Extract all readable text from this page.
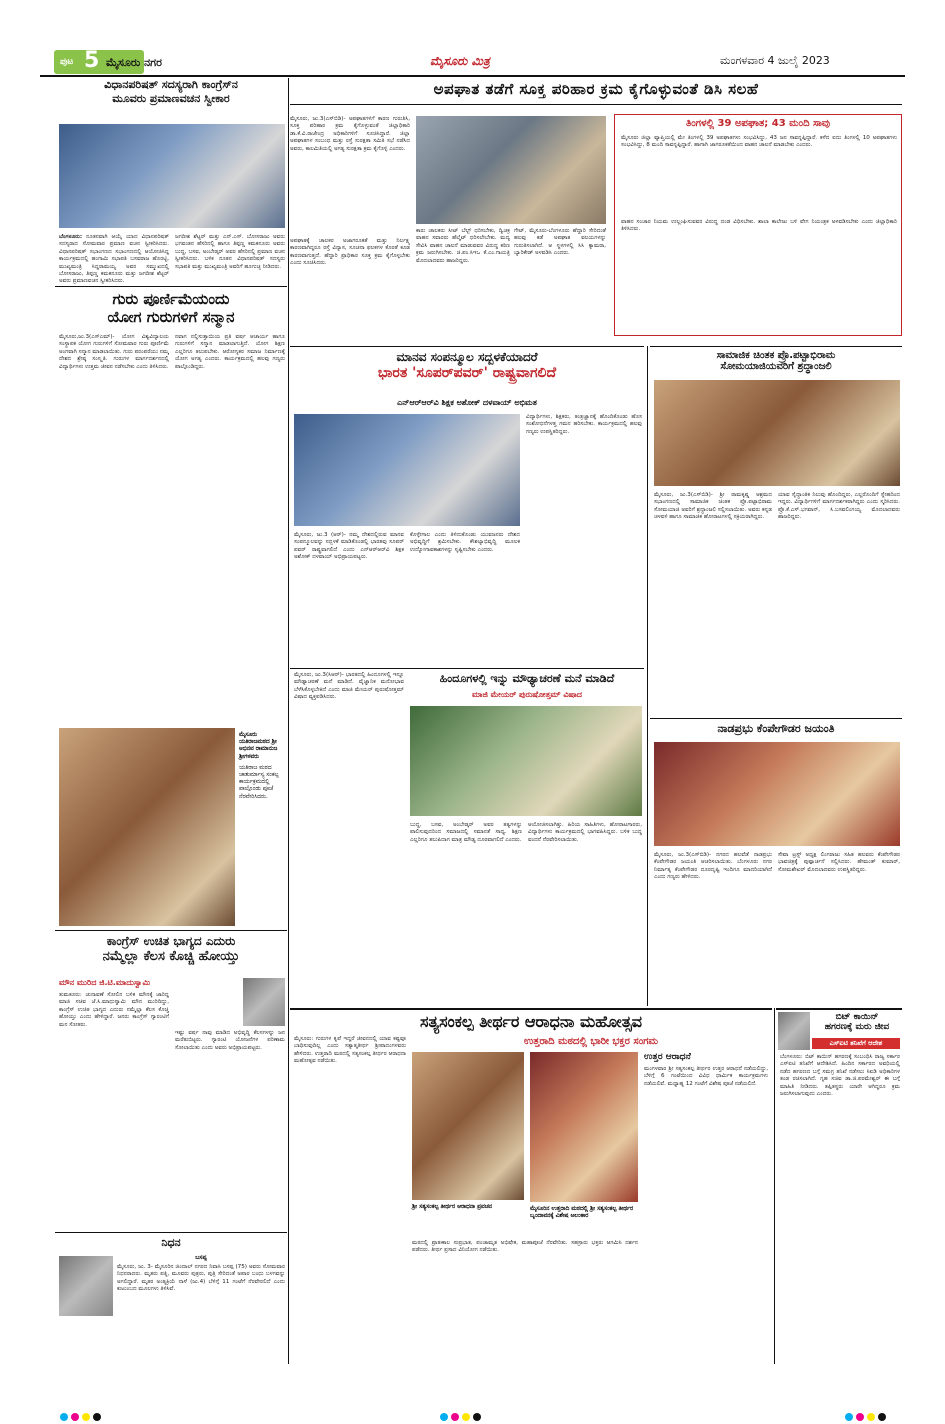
ಪುಟ 5 ಮೈಸೂರು ನಗರ	ಮೈಸೂರು ಮಿತ್ರ	ಮಂಗಳವಾರ 4 ಜುಲೈ 2023
ವಿಧಾನಪರಿಷತ್ ಸದಸ್ಯರಾಗಿ ಕಾಂಗ್ರೆಸ್‌ನ
ಮೂವರು ಪ್ರಮಾಣವಚನ ಸ್ವೀಕಾರ
ಬೆಂಗಳೂರು: ನೂತನವಾಗಿ ಆಯ್ಕೆ ಯಾದ ವಿಧಾನಪರಿಷತ್ ಸದಸ್ಯರಾದ ಸೋಮವಾರ ಪ್ರಮಾಣ ವಚನ ಸ್ವೀಕರಿಸಿದರು. ವಿಧಾನಪರಿಷತ್ ಸಭಾಂಗಣದ ಸಭಾಂಗಣದಲ್ಲಿ ಆಯೋಜಿಸಿದ್ದ ಕಾರ್ಯಕ್ರಮದಲ್ಲಿ ಹಂಗಾಮಿ ಸಭಾಪತಿ ಬಸವರಾಜ ಹೊರಟ್ಟಿ, ಮುಖ್ಯಮಂತ್ರಿ ಸಿದ್ದರಾಮಯ್ಯ ಅವರ ಸಮ್ಮುಖದಲ್ಲಿ ಬೋಸರಾಜು, ತಿಪ್ಪಣ್ಣ ಕಮಕನೂರು ಮತ್ತು ಜಗದೀಶ ಶೆಟ್ಟರ್ ಅವರು ಪ್ರಮಾಣವಚನ ಸ್ವೀಕರಿಸಿದರು.
ಜಗದೀಶ ಶೆಟ್ಟರ್ ಮತ್ತು ಎನ್.ಎಸ್. ಬೋಸರಾಜು ಅವರು ಭಗವಂತನ ಹೆಸರಿನಲ್ಲಿ ಹಾಗೂ ತಿಪ್ಪಣ್ಣ ಕಮಕನೂರು ಅವರು ಬುದ್ಧ, ಬಸವ, ಅಂಬೇಡ್ಕರ್ ಅವರ ಹೆಸರಿನಲ್ಲಿ ಪ್ರಮಾಣ ವಚನ ಸ್ವೀಕರಿಸಿದರು. ಬಳಿಕ ನೂತನ ವಿಧಾನಪರಿಷತ್ ಸದಸ್ಯರು ಸಭಾಪತಿ ಮತ್ತು ಮುಖ್ಯಮಂತ್ರಿ ಅವರಿಗೆ ಹೂಗುಚ್ಛ ನೀಡಿದರು.
ಅಪಘಾತ ತಡೆಗೆ ಸೂಕ್ತ ಪರಿಹಾರ ಕ್ರಮ ಕೈಗೊಳ್ಳುವಂತೆ ಡಿಸಿ ಸಲಹೆ
ಮೈಸೂರು, ಜು.3(ಎಸ್‌ಬಿಡಿ)- ಅಪಘಾತಗಳಿಗೆ ಕಾರಣ ಗುರುತಿಸಿ, ಸೂಕ್ತ ಪರಿಹಾರ ಕ್ರಮ ಕೈಗೊಳ್ಳುವಂತೆ ಜಿಲ್ಲಾಧಿಕಾರಿ ಡಾ.ಕೆ.ವಿ.ರಾಜೇಂದ್ರ ಅಧಿಕಾರಿಗಳಿಗೆ ಸೂಚಿಸಿದ್ದಾರೆ. ಜಿಲ್ಲಾ ಅಪಘಾತಗಳ ಸಂಬಂಧ ಮತ್ತು ರಸ್ತೆ ಸುರಕ್ಷತಾ ಸಮಿತಿ ಸಭೆ ನಡೆಸಿದ ಅವರು, ಕಾಲಮಿತಿಯಲ್ಲಿ ಅಗತ್ಯ ಸುರಕ್ಷತಾ ಕ್ರಮ ಕೈಗೊಳ್ಳಿ ಎಂದರು.
ಅಪಘಾತಕ್ಕೆ ಚಾಲಕರ ಅಜಾಗರೂಕತೆ ಮತ್ತು ನಿರ್ಲಕ್ಷ್ಯ ಕಾರಣವಾಗಿದ್ದರೂ ರಸ್ತೆ ವಿನ್ಯಾಸ, ಸೂಚನಾ ಫಲಕಗಳ ಕೊರತೆ ಕೂಡ ಕಾರಣವಾಗುತ್ತದೆ. ಹೆದ್ದಾರಿ ಪ್ರಾಧಿಕಾರ ಸೂಕ್ತ ಕ್ರಮ ಕೈಗೊಳ್ಳಬೇಕು ಎಂದು ಸೂಚಿಸಿದರು.
ಕಾರು ಚಾಲಕರು ಸೀಟ್ ಬೆಲ್ಟ್ ಧರಿಸಬೇಕು, ದ್ವಿಚಕ್ರ ವಾಹನ ಸವಾರರು ಹೆಲ್ಮೆಟ್ ಧರಿಸಲೇಬೇಕು. ಮದ್ಯ ಸೇವಿಸಿ ವಾಹನ ಚಾಲನೆ ಮಾಡುವವರ ವಿರುದ್ಧ ಕಠಿಣ ಕ್ರಮ ಜರುಗಿಸಬೇಕು. ಜಿ.ಪಂ.ಸಿಇಒ ಕೆ.ಎಂ.ಗಾಯತ್ರಿ ಮೊದಲಾದವರು ಹಾಜರಿದ್ದರು.
ಗೇಟ್, ಮೈಸೂರು-ಬೆಂಗಳೂರು ಹೆದ್ದಾರಿ ಸೇರಿದಂತೆ ಹಲವು ಕಡೆ ಅಪಘಾತ ವಲಯಗಳನ್ನು ಗುರುತಿಸಲಾಗಿದೆ. ಆ ಸ್ಥಳಗಳಲ್ಲಿ ಸಿಸಿ ಕ್ಯಾಮರಾ, ಬ್ಯಾರಿಕೇಡ್ ಅಳವಡಿಸಿ ಎಂದರು.
ತಿಂಗಳಲ್ಲಿ 39 ಅಪಘಾತ; 43 ಮಂದಿ ಸಾವು
ಮೈಸೂರು ಜಿಲ್ಲಾ ವ್ಯಾಪ್ತಿಯಲ್ಲಿ ಮೇ ತಿಂಗಳಲ್ಲಿ 39 ಅಪಘಾತಗಳು ಸಂಭವಿಸಿದ್ದು, 43 ಜನ ಸಾವನ್ನಪ್ಪಿದ್ದಾರೆ. ಕಳೆದ ಐದು ತಿಂಗಳಲ್ಲಿ 10 ಅಪಘಾತಗಳು ಸಂಭವಿಸಿದ್ದು, 8 ಮಂದಿ ಸಾವನ್ನಪ್ಪಿದ್ದಾರೆ. ಹಾಗಾಗಿ ಜಾಗರೂಕತೆಯಿಂದ ವಾಹನ ಚಾಲನೆ ಮಾಡಬೇಕು ಎಂದರು.
ವಾಹನ ಸಂಚಾರ ನಿಯಮ ಉಲ್ಲಂಘಿಸುವವರ ವಿರುದ್ಧ ದಂಡ ವಿಧಿಸಬೇಕು. ಶಾಲಾ ಕಾಲೇಜು ಬಳಿ ವೇಗ ನಿಯಂತ್ರಕ ಅಳವಡಿಸಬೇಕು ಎಂದು ಜಿಲ್ಲಾಧಿಕಾರಿ ತಿಳಿಸಿದರು.
ಗುರು ಪೂರ್ಣಿಮೆಯಂದು
ಯೋಗ ಗುರುಗಳಿಗೆ ಸನ್ಮಾನ
ಮೈಸೂರು,ಜು.3(ಎಸ್‌ಎಮ್‌)- ಯೋಗ ವಿಶ್ವವಿದ್ಯಾಲಯ ಸಂಸ್ಥಾಪಕ ಯೋಗ ಗುರುಗಳಿಗೆ ಸೋಮವಾರ ಗುರು ಪೂರ್ಣಿಮೆ ಅಂಗವಾಗಿ ಸನ್ಮಾನ ಮಾಡಲಾಯಿತು. ಗುರು ಪರಂಪರೆಯು ನಮ್ಮ ದೇಶದ ಶ್ರೇಷ್ಠ ಸಂಸ್ಕೃತಿ. ಗುರುಗಳ ಮಾರ್ಗದರ್ಶನದಲ್ಲಿ ವಿದ್ಯಾರ್ಥಿಗಳು ಉತ್ತಮ ಜೀವನ ನಡೆಸಬೇಕು ಎಂದು ತಿಳಿಸಿದರು.
ನವಾಗ ನಲ್ಲಿಸುತ್ತಾಯಿಯ ಪ್ರತಿ ವರ್ಷ ಆಚಾರ್ಯ ಹಾಗೂ ಗುರುಗಳಿಗೆ ಸನ್ಮಾನ ಮಾಡಲಾಗುತ್ತಿದೆ. ಯೋಗ ಶಿಕ್ಷಣ ಎಲ್ಲರಿಗೂ ತಲುಪಬೇಕು. ಆರೋಗ್ಯಕರ ಸಮಾಜ ನಿರ್ಮಾಣಕ್ಕೆ ಯೋಗ ಅಗತ್ಯ ಎಂದರು. ಕಾರ್ಯಕ್ರಮದಲ್ಲಿ ಹಲವು ಗಣ್ಯರು ಪಾಲ್ಗೊಂಡಿದ್ದರು.
ಮೈಸೂರು ಯತಿರಾಜಮಠದ ಶ್ರೀ ಅಭಿನವ ರಾಮಾನುಜ ಶ್ರೀಗಳವರು
ಯತಿರಾಜ ಮಠದ ಚಾತುರ್ಮಾಸ್ಯ ಸಂಕಲ್ಪ ಕಾರ್ಯಕ್ರಮದಲ್ಲಿ ಪಾಲ್ಗೊಂಡು ಪೂಜೆ ನೆರವೇರಿಸಿದರು.
ಕಾಂಗ್ರೆಸ್ ಉಚಿತ ಭಾಗ್ಯದ ಎದುರು
ನಮ್ಮೆಲ್ಲಾ ಕೆಲಸ ಕೊಚ್ಚಿ ಹೋಯ್ತು
ಮೌನ ಮುರಿದ ಜಿ.ಟಿ.ಮಾದುಸ್ವಾಮಿ
ತುಮಕೂರು: ಚುನಾವಣೆ ಸೋಲಿನ ಬಳಿಕ ಮೌನಕ್ಕೆ ಜಾರಿದ್ದ ಮಾಜಿ ಸಚಿವ ಜೆ.ಸಿ.ಮಾಧುಸ್ವಾಮಿ ಮೌನ ಮುರಿದಿದ್ದು, ಕಾಂಗ್ರೆಸ್ ಉಚಿತ ಭಾಗ್ಯದ ಎದುರು ನಮ್ಮೆಲ್ಲಾ ಕೆಲಸ ಕೊಚ್ಚಿ ಹೋಯ್ತು ಎಂದು ಹೇಳಿದ್ದಾರೆ. ಜನರು ಕಾಂಗ್ರೆಸ್ ಗ್ಯಾರಂಟಿಗೆ ಮನ ಸೋತರು.
ಇಷ್ಟು ವರ್ಷ ನಾವು ಮಾಡಿದ ಅಭಿವೃದ್ಧಿ ಕೆಲಸಗಳನ್ನು ಜನ ಮರೆತುಬಿಟ್ಟರು. ಗ್ಯಾರಂಟಿ ಯೋಜನೆಗಳ ಪರಿಣಾಮ ಸೋಲಾಯಿತು ಎಂದು ಅವರು ಅಭಿಪ್ರಾಯಪಟ್ಟರು.
ನಿಧನ
ಬಸಪ್ಪ
ಮೈಸೂರು, ಜು. 3- ಮೈಸೂರಿನ ಜಿಂದಾಲ್ ನಗರದ ನಿವಾಸಿ ಬಸಪ್ಪ (75) ಅವರು ಸೋಮವಾರ ನಿಧನರಾದರು. ಮೃತರು ಪತ್ನಿ, ಮೂವರು ಪುತ್ರರು, ಪುತ್ರಿ ಸೇರಿದಂತೆ ಅಪಾರ ಬಂಧು ಬಳಗವನ್ನು ಅಗಲಿದ್ದಾರೆ. ಮೃತರ ಅಂತ್ಯಕ್ರಿಯೆ ನಾಳೆ (ಜು.4) ಬೆಳಿಗ್ಗೆ 11 ಗಂಟೆಗೆ ನೆರವೇರಲಿದೆ ಎಂದು ಕುಟುಂಬದ ಮೂಲಗಳು ತಿಳಿಸಿವೆ.
ಮಾನವ ಸಂಪನ್ಮೂಲ ಸದ್ಬಳಕೆಯಾದರೆ
ಭಾರತ 'ಸೂಪರ್‌ಪವರ್' ರಾಷ್ಟ್ರವಾಗಲಿದೆ
ಎನ್‌ಆರ್‌ಆರ್‌ವಿ ಶಿಕ್ಷಕ ಅಶೋಕ್ ದಳವಾಯ್ ಅಭಿಮತ
ಮೈಸೂರು, ಜು.3 (ಆರ್‌)- ನಮ್ಮ ದೇಶದಲ್ಲಿರುವ ಮಾನವ ಸಂಪನ್ಮೂಲವನ್ನು ಸದ್ಬಳಕೆ ಮಾಡಿಕೊಂಡಲ್ಲಿ ಭಾರತವು ಸೂಪರ್ ಪವರ್ ರಾಷ್ಟ್ರವಾಗಲಿದೆ ಎಂದು ಎನ್‌ಆರ್‌ಆರ್‌ವಿ ಶಿಕ್ಷಕ ಅಶೋಕ್ ದಳವಾಯ್ ಅಭಿಪ್ರಾಯಪಟ್ಟರು.
ಕೊಳ್ಳೇಗಾಲ ಎಂದು ತಿಳಿದುಕೊಂಡು ಯುವಜನರು ದೇಶದ ಅಭಿವೃದ್ಧಿಗೆ ಶ್ರಮಿಸಬೇಕು. ಕೌಶಲ್ಯಾಭಿವೃದ್ಧಿ ಮೂಲಕ ಉದ್ಯೋಗಾವಕಾಶಗಳನ್ನು ಸೃಷ್ಟಿಸಬೇಕು ಎಂದರು.
ವಿದ್ಯಾರ್ಥಿಗಳು, ಶಿಕ್ಷಕರು, ತಂತ್ರಜ್ಞಾನಕ್ಕೆ ಹೊಂದಿಕೊಂಡು ಹೊಸ ಸಂಶೋಧನೆಗಳತ್ತ ಗಮನ ಹರಿಸಬೇಕು. ಕಾರ್ಯಕ್ರಮದಲ್ಲಿ ಹಲವು ಗಣ್ಯರು ಉಪಸ್ಥಿತರಿದ್ದರು.
ಮೈಸೂರು, ಜು.3(ಸಿಆರ್‌)- ಭಾರತದಲ್ಲಿ ಹಿಂದೂಗಳಲ್ಲಿ ಇನ್ನೂ ಮೌಢ್ಯಾಚರಣೆ ಮನೆ ಮಾಡಿದೆ. ವೈಜ್ಞಾನಿಕ ಮನೋಭಾವ ಬೆಳೆಸಿಕೊಳ್ಳಬೇಕಿದೆ ಎಂದು ಮಾಜಿ ಮೇಯರ್ ಪುರುಷೋತ್ತಮ್ ವಿಷಾದ ವ್ಯಕ್ತಪಡಿಸಿದರು.
ಹಿಂದೂಗಳಲ್ಲಿ ಇನ್ನು ಮೌಢ್ಯಾಚರಣೆ ಮನೆ ಮಾಡಿದೆ
ಮಾಜಿ ಮೇಯರ್ ಪುರುಷೋತ್ತಮ್ ವಿಷಾದ
ಬುದ್ಧ, ಬಸವ, ಅಂಬೇಡ್ಕರ್ ಅವರ ತತ್ವಗಳನ್ನು ಪಾಲಿಸುವುದರಿಂದ ಸಮಾಜದಲ್ಲಿ ಸಮಾನತೆ ಸಾಧ್ಯ. ಶಿಕ್ಷಣ ಎಲ್ಲರಿಗೂ ತಲುಪಿದಾಗ ಮಾತ್ರ ಮೌಢ್ಯ ದೂರವಾಗಲಿದೆ ಎಂದರು.
ಆಯೋಜಿಸಲಾಗಿತ್ತು. ಹಿರಿಯ ಸಾಹಿತಿಗಳು, ಹೋರಾಟಗಾರರು, ವಿದ್ಯಾರ್ಥಿಗಳು ಕಾರ್ಯಕ್ರಮದಲ್ಲಿ ಭಾಗವಹಿಸಿದ್ದರು. ಬಳಿಕ ಬುದ್ಧ ವಂದನೆ ನೆರವೇರಿಸಲಾಯಿತು.
ಸಾಮಾಜಿಕ ಚಿಂತಕ ಪ್ರೊ.ಪಟ್ಟಾಭಿರಾಮ
ಸೋಮಯಾಜಿಯವರಿಗೆ ಶ್ರದ್ಧಾಂಜಲಿ
ಮೈಸೂರು, ಜು.3(ಎಸ್‌ಬಿಡಿ)- ಶ್ರೀ ರಾಮಕೃಷ್ಣ ಆಶ್ರಮದ ಸಭಾಂಗಣದಲ್ಲಿ ಸಾಮಾಜಿಕ ಚಿಂತಕ ಪ್ರೊ.ಪಟ್ಟಾಭಿರಾಮ ಸೋಮಯಾಜಿ ಅವರಿಗೆ ಶ್ರದ್ಧಾಂಜಲಿ ಸಲ್ಲಿಸಲಾಯಿತು. ಅವರು ಕನ್ನಡ ಚಳವಳಿ ಹಾಗೂ ಸಾಮಾಜಿಕ ಹೋರಾಟಗಳಲ್ಲಿ ಸಕ್ರಿಯರಾಗಿದ್ದರು.
ಯಾವ ಸೈದ್ಧಾಂತಿಕ ನಿಲುವು ಹೊಂದಿದ್ದರು, ಎಲ್ಲರೊಂದಿಗೆ ಸ್ನೇಹದಿಂದ ಇದ್ದರು. ವಿದ್ಯಾರ್ಥಿಗಳಿಗೆ ಮಾರ್ಗದರ್ಶಕರಾಗಿದ್ದರು ಎಂದು ಸ್ಮರಿಸಿದರು. ಪ್ರೊ.ಕೆ.ಎಸ್.ಭಗವಾನ್, ಸಿ.ಬಸವಲಿಂಗಯ್ಯ ಮೊದಲಾದವರು ಹಾಜರಿದ್ದರು.
ನಾಡಪ್ರಭು ಕೆಂಪೇಗೌಡರ ಜಯಂತಿ
ಮೈಸೂರು, ಜು.3(ಎಸ್‌ಬಿಡಿ)- ನಗರದ ಹಲವೆಡೆ ನಾಡಪ್ರಭು ಕೆಂಪೇಗೌಡರ ಜಯಂತಿ ಆಚರಿಸಲಾಯಿತು. ಬೆಂಗಳೂರು ನಗರ ನಿರ್ಮಾತೃ ಕೆಂಪೇಗೌಡರ ದೂರದೃಷ್ಟಿ ಇಂದಿಗೂ ಮಾದರಿಯಾಗಿದೆ ಎಂದು ಗಣ್ಯರು ಹೇಳಿದರು.
ಸೇವಾ ಟ್ರಸ್ಟ್ ಅಧ್ಯಕ್ಷ ಲಿಂಗರಾಜು ಸಹಿತ ಹಲವರು ಕೆಂಪೇಗೌಡರ ಭಾವಚಿತ್ರಕ್ಕೆ ಪುಷ್ಪಾರ್ಚನೆ ಸಲ್ಲಿಸಿದರು. ಹೇಮಂತ್ ಕುಮಾರ್, ಸೋಮಶೇಖರ್ ಮೊದಲಾದವರು ಉಪಸ್ಥಿತರಿದ್ದರು.
ಸತ್ಯಸಂಕಲ್ಪ ತೀರ್ಥರ ಆರಾಧನಾ ಮಹೋತ್ಸವ
ಉತ್ತರಾದಿ ಮಠದಲ್ಲಿ ಭಾರೀ ಭಕ್ತರ ಸಂಗಮ
ಮೈಸೂರು: ಗುರುಗಳ ಕೃಪೆ ಇದ್ದರೆ ಜೀವನದಲ್ಲಿ ಯಾವ ಕಷ್ಟವೂ ಬಾಧಿಸುವುದಿಲ್ಲ ಎಂದು ಸತ್ಯಾತ್ಮತೀರ್ಥ ಶ್ರೀಪಾದಂಗಳವರು ಹೇಳಿದರು. ಉತ್ತರಾದಿ ಮಠದಲ್ಲಿ ಸತ್ಯಸಂಕಲ್ಪ ತೀರ್ಥರ ಆರಾಧನಾ ಮಹೋತ್ಸವ ನಡೆಯಿತು.
ಶ್ರೀ ಸತ್ಯಸಂಕಲ್ಪ ತೀರ್ಥರ ಆರಾಧನಾ ಪ್ರವಚನ	ಮೈಸೂರಿನ ಉತ್ತರಾದಿ ಮಠದಲ್ಲಿ ಶ್ರೀ ಸತ್ಯಸಂಕಲ್ಪ ತೀರ್ಥರ ಬೃಂದಾವನಕ್ಕೆ ವಿಶೇಷ ಅಲಂಕಾರ
ಮಠದಲ್ಲಿ ಪ್ರಾತಃಕಾಲ ಸುಪ್ರಭಾತ, ಪಂಚಾಮೃತ ಅಭಿಷೇಕ, ಮಹಾಪೂಜೆ ನೆರವೇರಿತು. ಸಹಸ್ರಾರು ಭಕ್ತರು ಆಗಮಿಸಿ ದರ್ಶನ ಪಡೆದರು. ತೀರ್ಥ ಪ್ರಸಾದ ವಿನಿಯೋಗ ನಡೆಯಿತು.
ಉತ್ತರ ಆರಾಧನೆ
ಮಂಗಳವಾರ ಶ್ರೀ ಸತ್ಯಸಂಕಲ್ಪ ತೀರ್ಥರ ಉತ್ತರ ಆರಾಧನೆ ನಡೆಯಲಿದ್ದು, ಬೆಳಿಗ್ಗೆ 6 ಗಂಟೆಯಿಂದ ವಿವಿಧ ಧಾರ್ಮಿಕ ಕಾರ್ಯಕ್ರಮಗಳು ನಡೆಯಲಿವೆ. ಮಧ್ಯಾಹ್ನ 12 ಗಂಟೆಗೆ ವಿಶೇಷ ಪೂಜೆ ನಡೆಯಲಿದೆ.
ಬಿಟ್ ಕಾಯಿನ್
ಹಗರಣಕ್ಕೆ ಮರು ಜೀವ
ಎಸ್‌ಐಟಿ ತನಿಖೆಗೆ ಆದೇಶ
ಬೆಂಗಳೂರು: ಬಿಟ್ ಕಾಯಿನ್ ಹಗರಣಕ್ಕೆ ಸಂಬಂಧಿಸಿ ರಾಜ್ಯ ಸರ್ಕಾರ ಎಸ್‌ಐಟಿ ತನಿಖೆಗೆ ಆದೇಶಿಸಿದೆ. ಹಿಂದಿನ ಸರ್ಕಾರದ ಅವಧಿಯಲ್ಲಿ ನಡೆದ ಹಗರಣದ ಬಗ್ಗೆ ಸಮಗ್ರ ತನಿಖೆ ನಡೆಸಲು ಸಿಐಡಿ ಅಧಿಕಾರಿಗಳ ತಂಡ ರಚಿಸಲಾಗಿದೆ. ಗೃಹ ಸಚಿವ ಡಾ.ಜಿ.ಪರಮೇಶ್ವರ್ ಈ ಬಗ್ಗೆ ಮಾಹಿತಿ ನೀಡಿದರು. ತಪ್ಪಿತಸ್ಥರು ಯಾರೇ ಆಗಿದ್ದರೂ ಕ್ರಮ ಜರುಗಿಸಲಾಗುವುದು ಎಂದರು.
